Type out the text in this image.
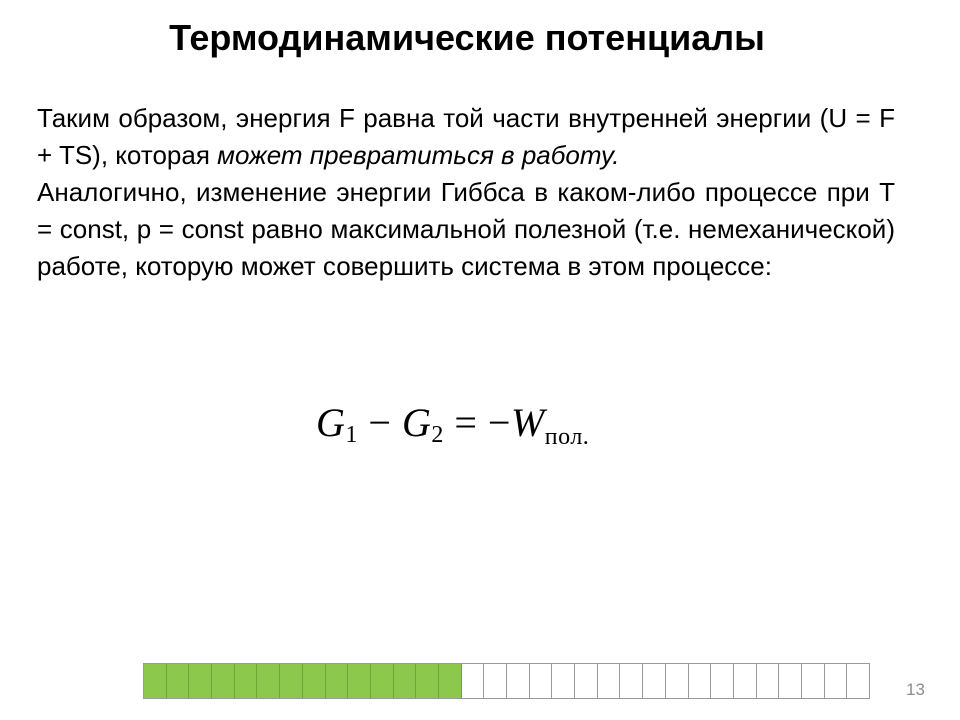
Термодинамические потенциалы

Таким образом, энергия F равна той части внутренней энергии (U = F + TS), которая может превратиться в работу.

Аналогично, изменение энергии Гиббса в каком-либо процессе при T = const, p = const равно максимальной полезной (т.е. немеханической) работе, которую может совершить система в этом процессе:

$G_1 - G_2 = -W_{пол.}$
13
